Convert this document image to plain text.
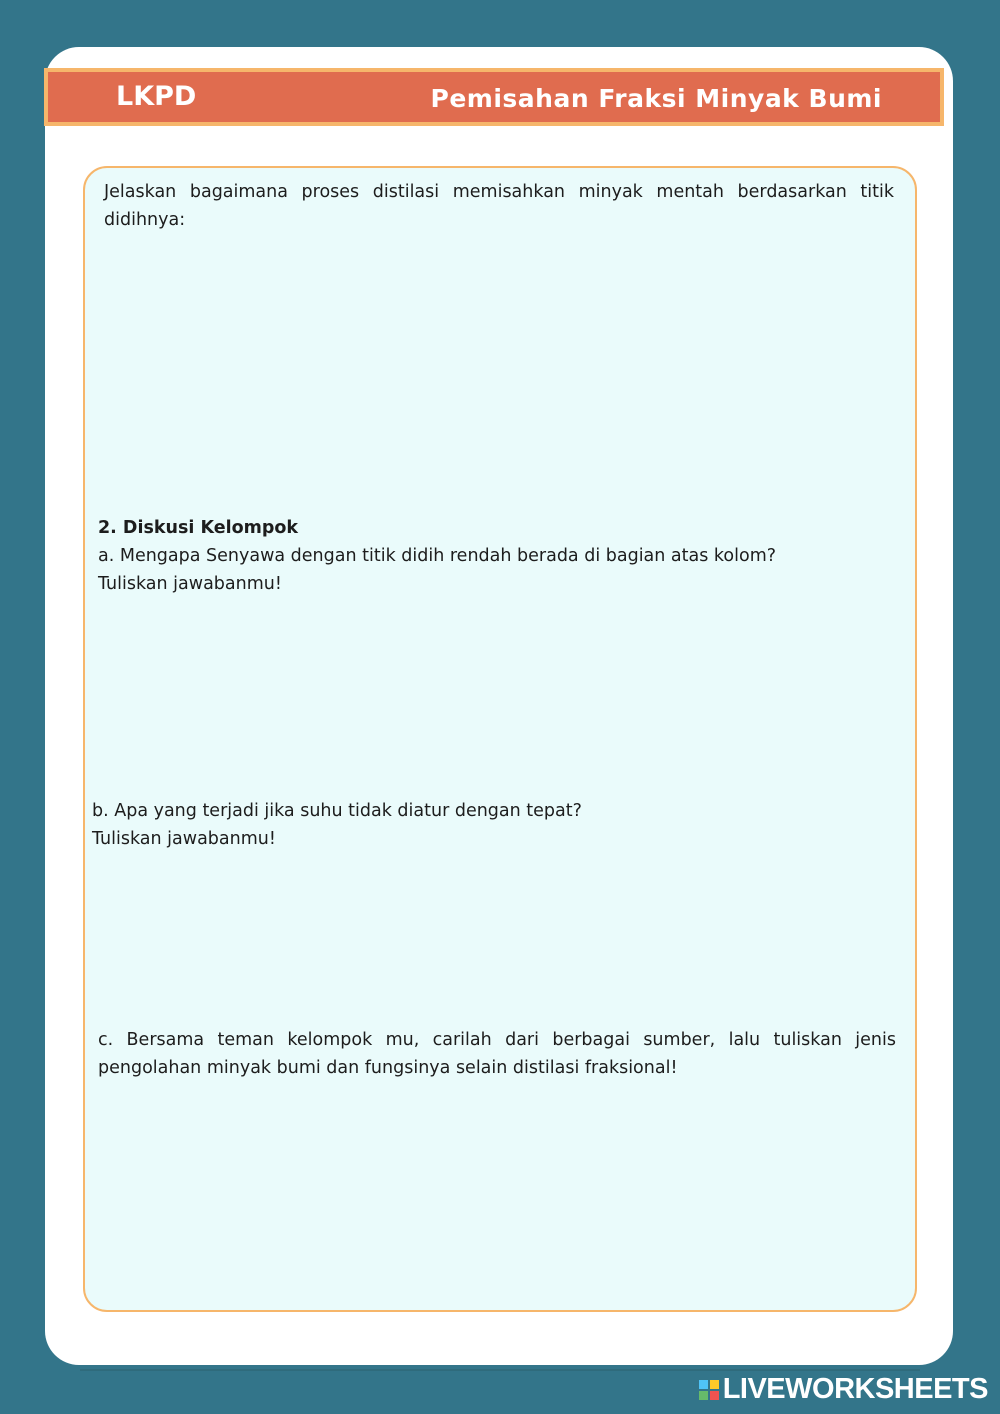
LKPD	Pemisahan Fraksi Minyak Bumi
Jelaskan bagaimana proses distilasi memisahkan minyak mentah berdasarkan titik didihnya:
2. Diskusi Kelompok
a. Mengapa Senyawa dengan titik didih rendah berada di bagian atas kolom?
Tuliskan jawabanmu!
b. Apa yang terjadi jika suhu tidak diatur dengan tepat?
Tuliskan jawabanmu!
c. Bersama teman kelompok mu, carilah dari berbagai sumber, lalu tuliskan jenis pengolahan minyak bumi dan fungsinya selain distilasi fraksional!
LIVEWORKSHEETS
